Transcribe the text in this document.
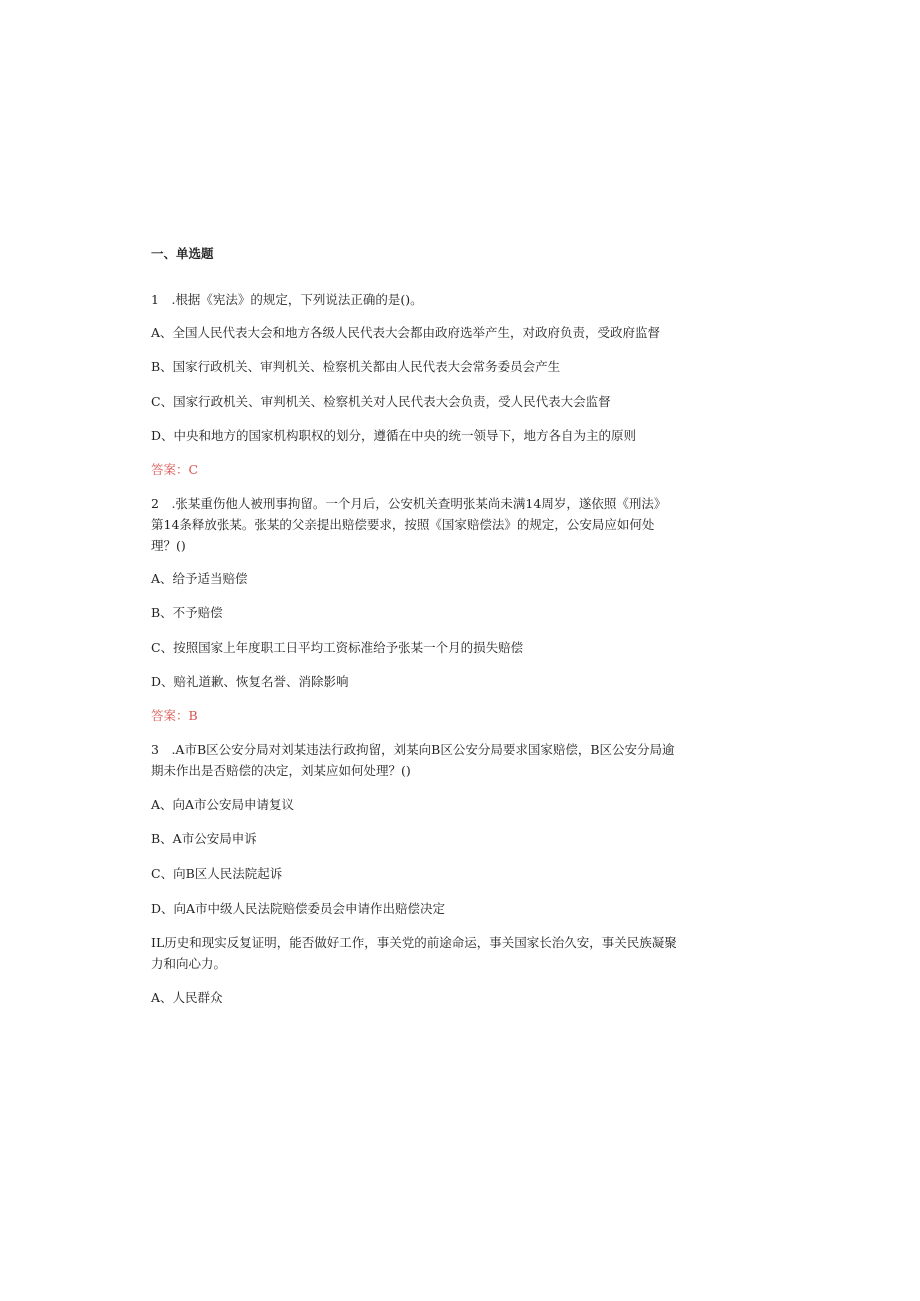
一、单选题
1　.根据《宪法》的规定，下列说法正确的是()。
A、全国人民代表大会和地方各级人民代表大会都由政府选举产生，对政府负责，受政府监督
B、国家行政机关、审判机关、检察机关都由人民代表大会常务委员会产生
C、国家行政机关、审判机关、检察机关对人民代表大会负责，受人民代表大会监督
D、中央和地方的国家机构职权的划分，遵循在中央的统一领导下，地方各自为主的原则
答案：C
2　.张某重伤他人被刑事拘留。一个月后，公安机关查明张某尚未满14周岁，遂依照《刑法》
第14条释放张某。张某的父亲提出赔偿要求，按照《国家赔偿法》的规定，公安局应如何处
理？()
A、给予适当赔偿
B、不予赔偿
C、按照国家上年度职工日平均工资标准给予张某一个月的损失赔偿
D、赔礼道歉、恢复名誉、消除影响
答案：B
3　.A市B区公安分局对刘某违法行政拘留，刘某向B区公安分局要求国家赔偿，B区公安分局逾
期未作出是否赔偿的决定，刘某应如何处理？()
A、向A市公安局申请复议
B、A市公安局申诉
C、向B区人民法院起诉
D、向A市中级人民法院赔偿委员会申请作出赔偿决定
IL历史和现实反复证明，能否做好工作，事关党的前途命运，事关国家长治久安，事关民族凝聚
力和向心力。
A、人民群众
